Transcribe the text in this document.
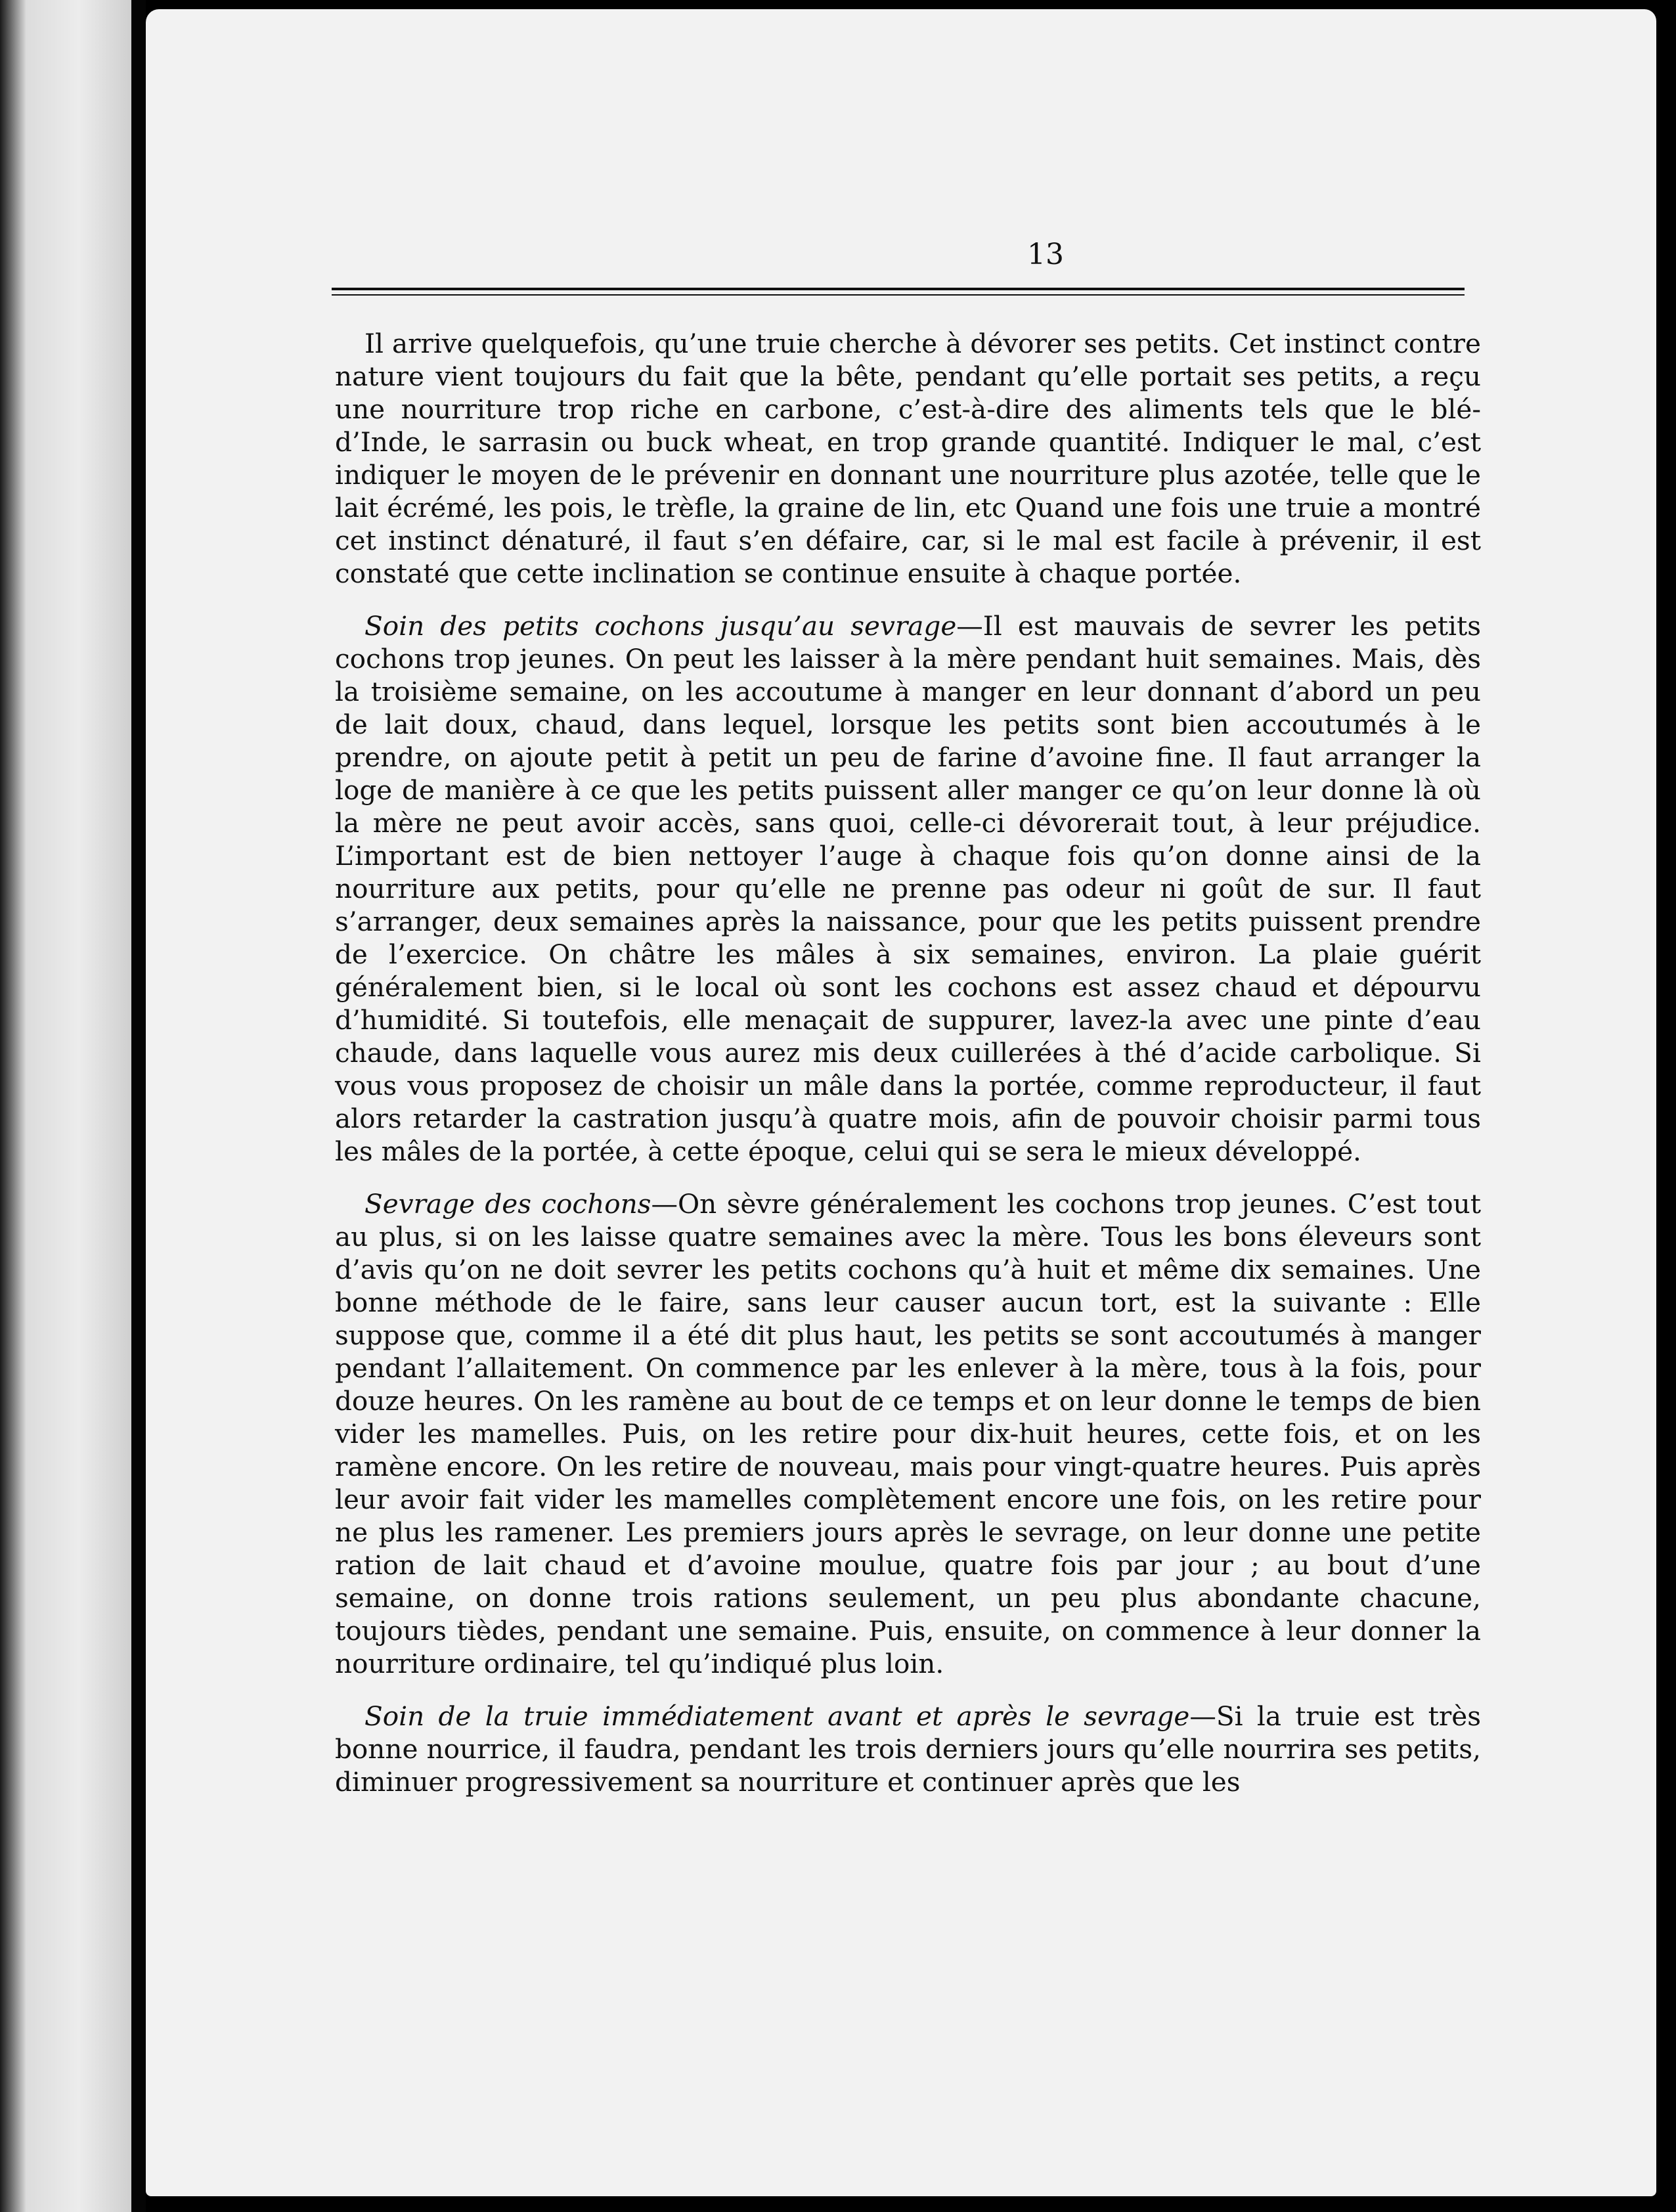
13

Il arrive quelquefois, qu’une truie cherche à dévorer ses petits. Cet instinct contre nature vient toujours du fait que la bête, pendant qu’elle portait ses petits, a reçu une nourriture trop riche en carbone, c’est-à-dire des aliments tels que le blé-d’Inde, le sarrasin ou buck wheat, en trop grande quantité. Indiquer le mal, c’est indiquer le moyen de le prévenir en donnant une nourriture plus azotée, telle que le lait écrémé, les pois, le trèfle, la graine de lin, etc Quand une fois une truie a montré cet instinct dénaturé, il faut s’en défaire, car, si le mal est facile à prévenir, il est constaté que cette inclination se continue ensuite à chaque portée.

Soin des petits cochons jusqu’au sevrage—Il est mauvais de sevrer les petits cochons trop jeunes. On peut les laisser à la mère pendant huit semaines. Mais, dès la troisième semaine, on les accoutume à manger en leur donnant d’abord un peu de lait doux, chaud, dans lequel, lorsque les petits sont bien accoutumés à le prendre, on ajoute petit à petit un peu de farine d’avoine fine. Il faut arranger la loge de manière à ce que les petits puissent aller manger ce qu’on leur donne là où la mère ne peut avoir accès, sans quoi, celle-ci dévorerait tout, à leur préjudice. L’important est de bien nettoyer l’auge à chaque fois qu’on donne ainsi de la nourriture aux petits, pour qu’elle ne prenne pas odeur ni goût de sur. Il faut s’arranger, deux semaines après la naissance, pour que les petits puissent prendre de l’exercice. On châtre les mâles à six semaines, environ. La plaie guérit généralement bien, si le local où sont les cochons est assez chaud et dépourvu d’humidité. Si toutefois, elle menaçait de suppurer, lavez-la avec une pinte d’eau chaude, dans laquelle vous aurez mis deux cuillerées à thé d’acide carbolique. Si vous vous proposez de choisir un mâle dans la portée, comme reproducteur, il faut alors retarder la castration jusqu’à quatre mois, afin de pouvoir choisir parmi tous les mâles de la portée, à cette époque, celui qui se sera le mieux développé.

Sevrage des cochons—On sèvre généralement les cochons trop jeunes. C’est tout au plus, si on les laisse quatre semaines avec la mère. Tous les bons éleveurs sont d’avis qu’on ne doit sevrer les petits cochons qu’à huit et même dix semaines. Une bonne méthode de le faire, sans leur causer aucun tort, est la suivante : Elle suppose que, comme il a été dit plus haut, les petits se sont accoutumés à manger pendant l’allaitement. On commence par les enlever à la mère, tous à la fois, pour douze heures. On les ramène au bout de ce temps et on leur donne le temps de bien vider les mamelles. Puis, on les retire pour dix-huit heures, cette fois, et on les ramène encore. On les retire de nouveau, mais pour vingt-quatre heures. Puis après leur avoir fait vider les mamelles complètement encore une fois, on les retire pour ne plus les ramener. Les premiers jours après le sevrage, on leur donne une petite ration de lait chaud et d’avoine moulue, quatre fois par jour ; au bout d’une semaine, on donne trois rations seulement, un peu plus abondante chacune, toujours tièdes, pendant une semaine. Puis, ensuite, on commence à leur donner la nourriture ordinaire, tel qu’indiqué plus loin.

Soin de la truie immédiatement avant et après le sevrage—Si la truie est très bonne nourrice, il faudra, pendant les trois derniers jours qu’elle nourrira ses petits, diminuer progressivement sa nourriture et continuer après que les
